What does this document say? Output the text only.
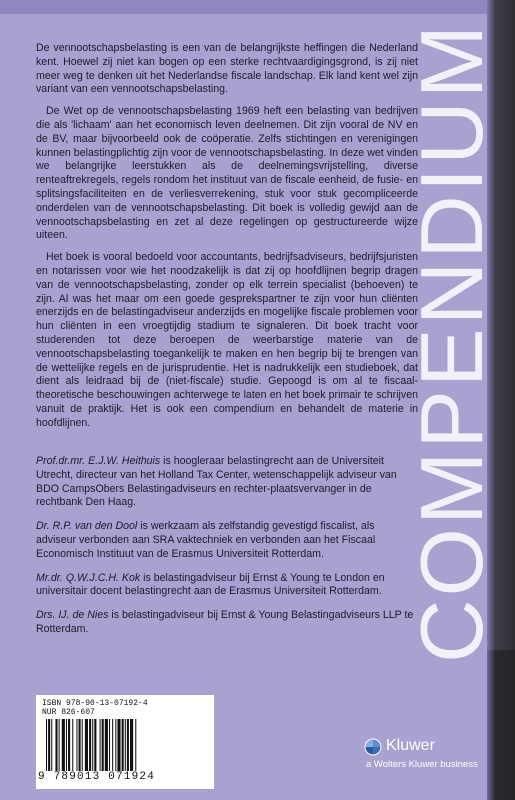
De vennootschapsbelasting is een van de belangrijkste heffingen die Nederland kent. Hoewel zij niet kan bogen op een sterke rechtvaardigingsgrond, is zij niet meer weg te denken uit het Nederlandse fiscale landschap. Elk land kent wel zijn variant van een vennootschapsbelasting.

De Wet op de vennootschapsbelasting 1969 heft een belasting van bedrijven die als 'lichaam' aan het economisch leven deelnemen. Dit zijn vooral de NV en de BV, maar bijvoorbeeld ook de coöperatie. Zelfs stichtingen en verenigingen kunnen belastingplichtig zijn voor de vennootschapsbelasting. In deze wet vinden we belangrijke leerstukken als de deelnemingsvrijstelling, diverse renteaftrekregels, regels rondom het instituut van de fiscale eenheid, de fusie- en splitsingsfaciliteiten en de verliesverrekening, stuk voor stuk gecompliceerde onderdelen van de vennootschapsbelasting. Dit boek is volledig gewijd aan de vennootschapsbelasting en zet al deze regelingen op gestructureerde wijze uiteen.

Het boek is vooral bedoeld voor accountants, bedrijfsadviseurs, bedrijfsjuristen en notarissen voor wie het noodzakelijk is dat zij op hoofdlijnen begrip dragen van de vennootschapsbelasting, zonder op elk terrein specialist (behoeven) te zijn. Al was het maar om een goede gesprekspartner te zijn voor hun cliënten enerzijds en de belastingadviseur anderzijds en mogelijke fiscale problemen voor hun cliënten in een vroegtijdig stadium te signaleren. Dit boek tracht voor studerenden tot deze beroepen de weerbarstige materie van de vennootschapsbelasting toegankelijk te maken en hen begrip bij te brengen van de wettelijke regels en de jurisprudentie. Het is nadrukkelijk een studieboek, dat dient als leidraad bij de (niet-fiscale) studie. Gepoogd is om al te fiscaal-theoretische beschouwingen achterwege te laten en het boek primair te schrijven vanuit de praktijk. Het is ook een compendium en behandelt de materie in hoofdlijnen.

Prof.dr.mr. E.J.W. Heithuis is hoogleraar belastingrecht aan de Universiteit Utrecht, directeur van het Holland Tax Center, wetenschappelijk adviseur van BDO CampsObers Belastingadviseurs en rechter-plaatsvervanger in de rechtbank Den Haag.

Dr. R.P. van den Dool is werkzaam als zelfstandig gevestigd fiscalist, als adviseur verbonden aan SRA vaktechniek en verbonden aan het Fiscaal Economisch Instituut van de Erasmus Universiteit Rotterdam.

Mr.dr. Q.W.J.C.H. Kok is belastingadviseur bij Ernst & Young te London en universitair docent belastingrecht aan de Erasmus Universiteit Rotterdam.

Drs. IJ. de Nies is belastingadviseur bij Ernst & Young Belastingadviseurs LLP te Rotterdam.	COMPENDIUM
ISBN 978-90-13-07192-4
NUR 826-607
9 789013 071924
Kluwer
a Wolters Kluwer business
